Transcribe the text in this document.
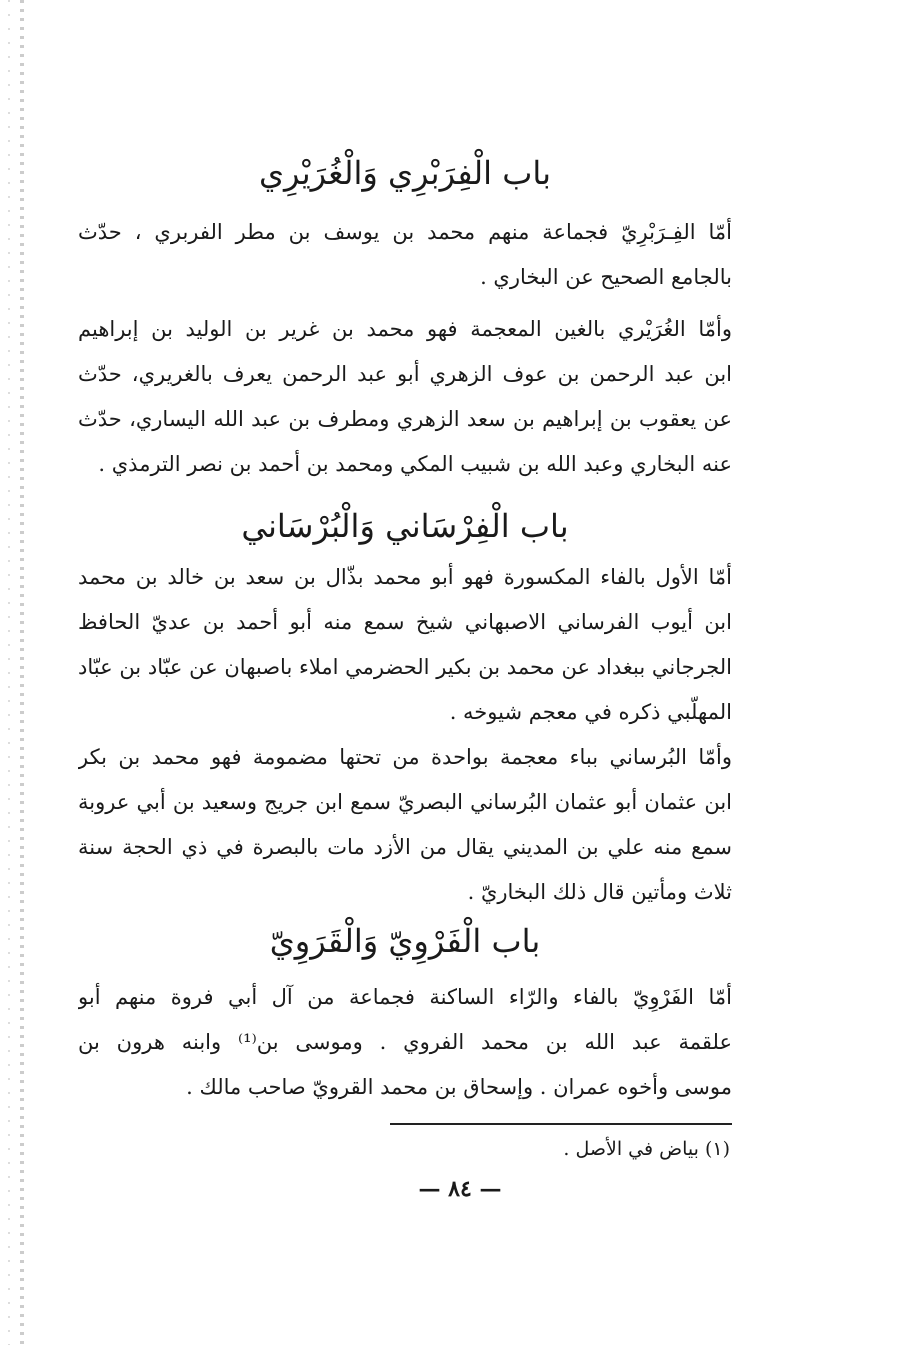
باب الْفِرَبْرِي وَالْغُرَيْرِي
أمّا الفِـرَبْرِيّ فجماعة منهم محمد بن يوسف بن مطر الفربري ، حدّث
بالجامع الصحيح عن البخاري .
وأمّا الغُرَيْري بالغين المعجمة فهو محمد بن غرير بن الوليد بن إبراهيم
ابن عبد الرحمن بن عوف الزهري أبو عبد الرحمن يعرف بالغريري، حدّث
عن يعقوب بن إبراهيم بن سعد الزهري ومطرف بن عبد الله اليساري، حدّث
عنه البخاري وعبد الله بن شبيب المكي ومحمد بن أحمد بن نصر الترمذي .
باب الْفِرْسَاني وَالْبُرْسَاني
أمّا الأول بالفاء المكسورة فهو أبو محمد بذّال بن سعد بن خالد بن محمد
ابن أيوب الفرساني الاصبهاني شيخ سمع منه أبو أحمد بن عديّ الحافظ
الجرجاني ببغداد عن محمد بن بكير الحضرمي املاء باصبهان عن عبّاد بن عبّاد
المهلّبي ذكره في معجم شيوخه .
وأمّا البُرساني بباء معجمة بواحدة من تحتها مضمومة فهو محمد بن بكر
ابن عثمان أبو عثمان البُرساني البصريّ سمع ابن جريج وسعيد بن أبي عروبة
سمع منه علي بن المديني يقال من الأزد مات بالبصرة في ذي الحجة سنة
ثلاث ومأتين قال ذلك البخاريّ .
باب الْفَرْوِيّ وَالْقَرَوِيّ
أمّا الفَرْوِيّ بالفاء والرّاء الساكنة فجماعة من آل أبي فروة منهم أبو
علقمة عبد الله بن محمد الفروي . وموسى بن⁽¹⁾ وابنه هرون بن
موسى وأخوه عمران . وإسحاق بن محمد القرويّ صاحب مالك .
(١) بياض في الأصل .
— ٨٤ —
